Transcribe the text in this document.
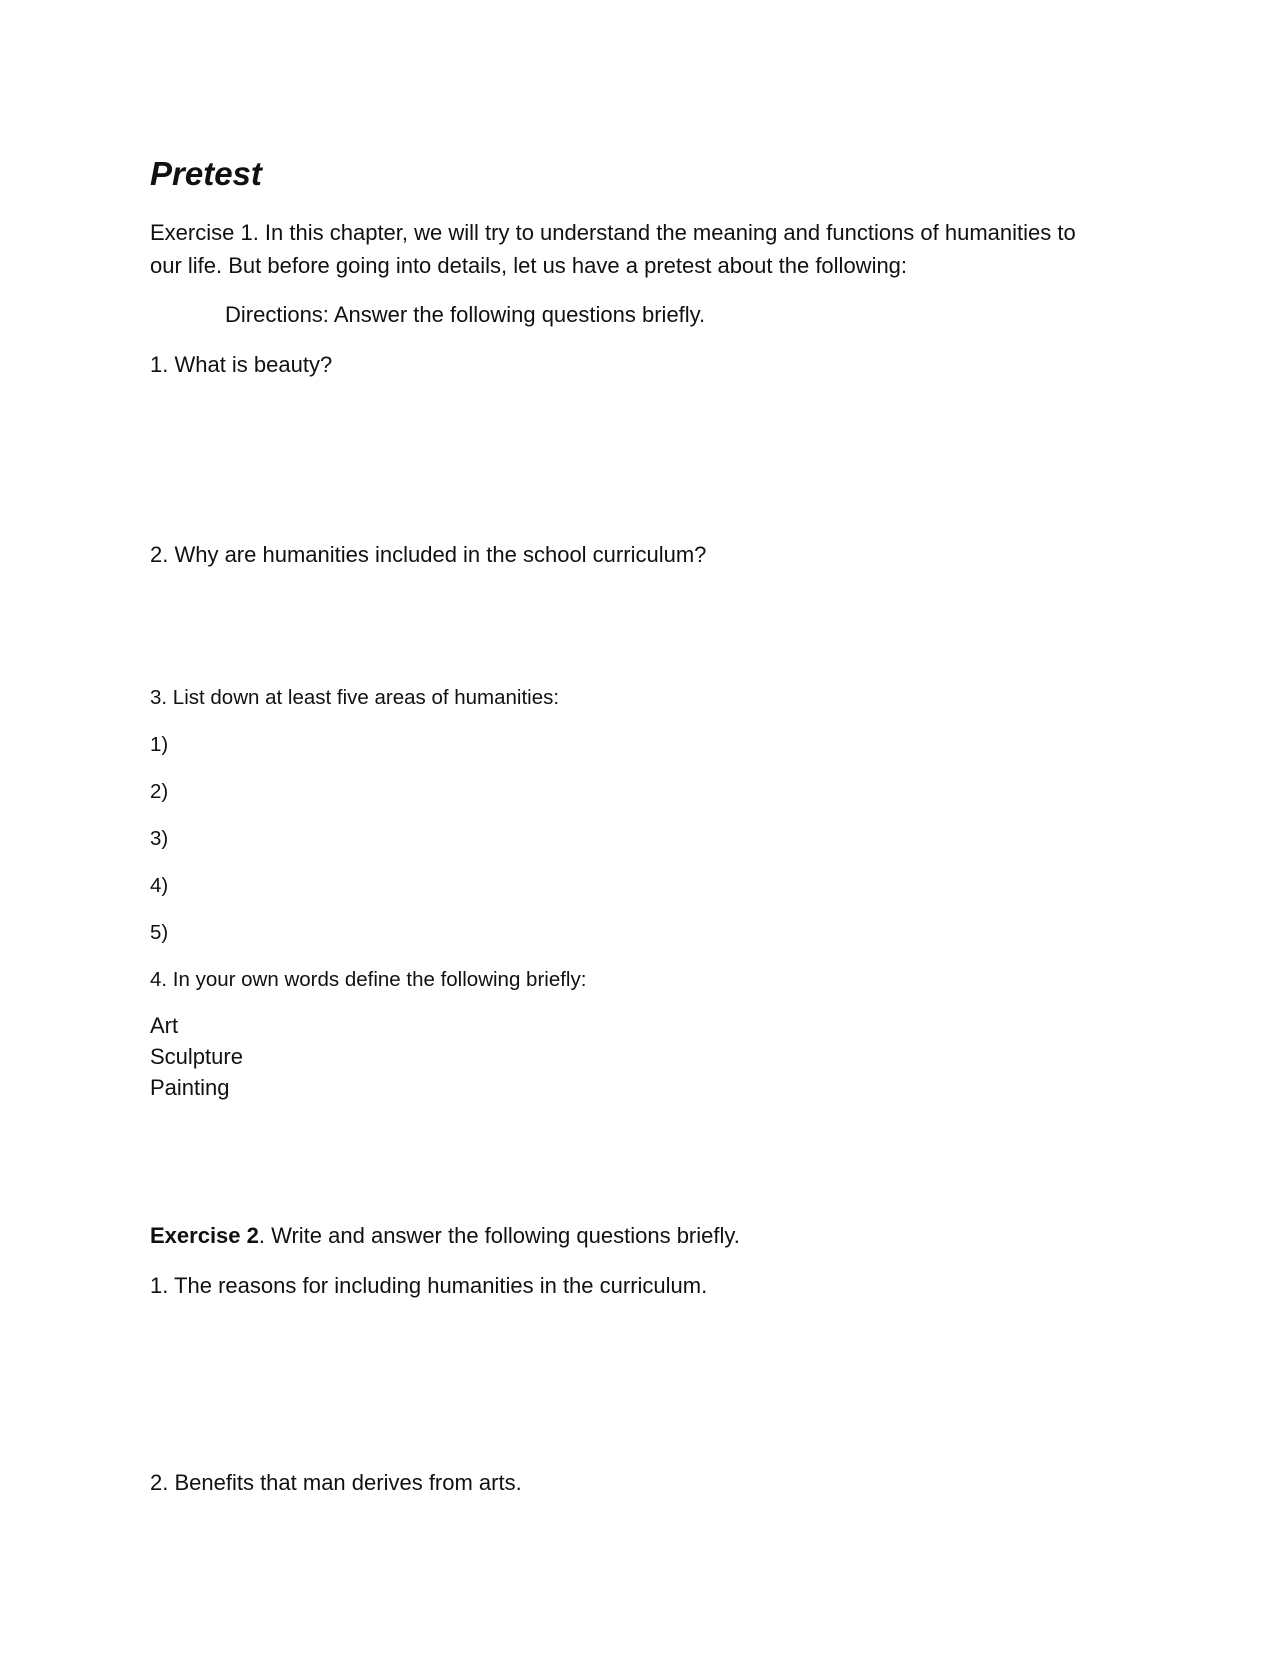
Pretest
Exercise 1. In this chapter, we will try to understand the meaning and functions of humanities to our life. But before going into details, let us have a pretest about the following:
Directions: Answer the following questions briefly.
1. What is beauty?
2. Why are humanities included in the school curriculum?
3. List down at least five areas of humanities:
1)
2)
3)
4)
5)
4. In your own words define the following briefly:
Art
Sculpture
Painting
Exercise 2. Write and answer the following questions briefly.
1. The reasons for including humanities in the curriculum.
2. Benefits that man derives from arts.
